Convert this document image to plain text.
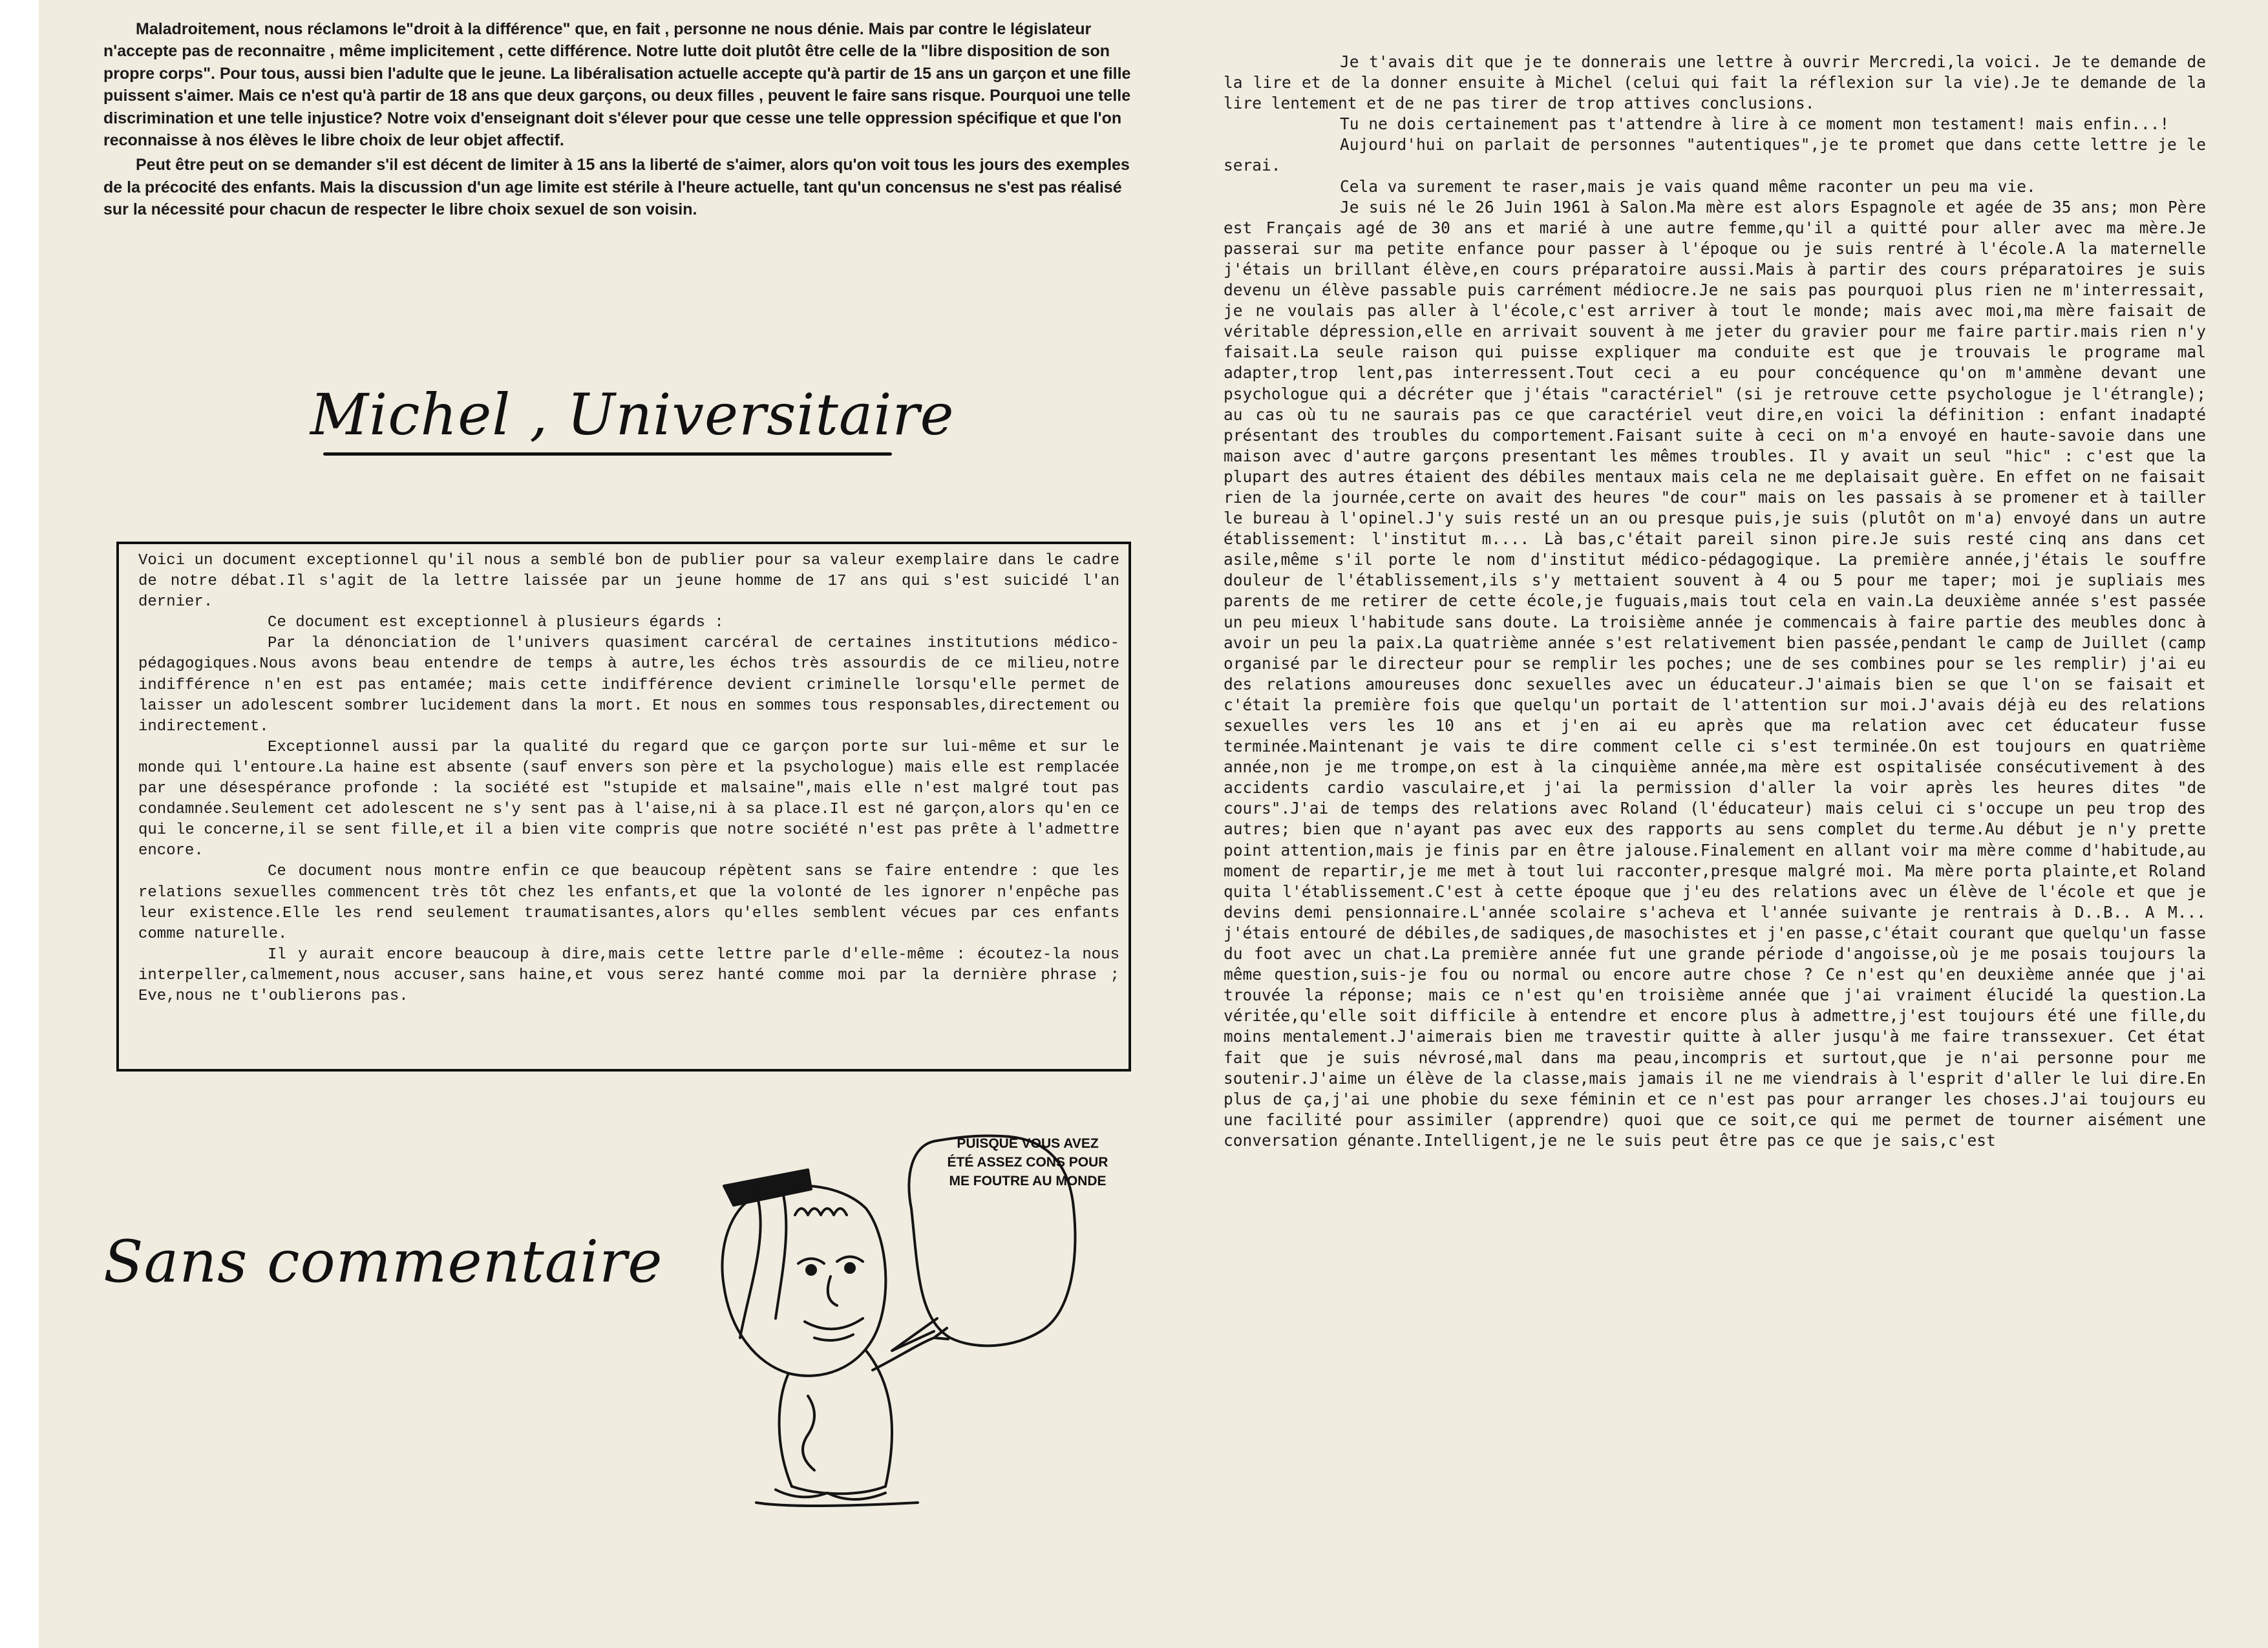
Maladroitement, nous réclamons le"droit à la différence" que, en fait , personne ne nous dénie. Mais par contre le législateur n'accepte pas de reconnaitre , même implicitement , cette différence. Notre lutte doit plutôt être celle de la "libre disposition de son propre corps". Pour tous, aussi bien l'adulte que le jeune. La libéralisation actuelle accepte qu'à partir de 15 ans un garçon et une fille puissent s'aimer. Mais ce n'est qu'à partir de 18 ans que deux garçons, ou deux filles , peuvent le faire sans risque. Pourquoi une telle discrimination et une telle injustice? Notre voix d'enseignant doit s'élever pour que cesse une telle oppression spécifique et que l'on reconnaisse à nos élèves le libre choix de leur objet affectif.

Peut être peut on se demander s'il est décent de limiter à 15 ans la liberté de s'aimer, alors qu'on voit tous les jours des exemples de la précocité des enfants. Mais la discussion d'un age limite est stérile à l'heure actuelle, tant qu'un concensus ne s'est pas réalisé sur la nécessité pour chacun de respecter le libre choix sexuel de son voisin.

Michel , Universitaire

Voici un document exceptionnel qu'il nous a semblé bon de publier pour sa valeur exemplaire dans le cadre de notre débat.Il s'agit de la lettre laissée par un jeune homme de 17 ans qui s'est suicidé l'an dernier.

Ce document est exceptionnel à plusieurs égards :

Par la dénonciation de l'univers quasiment carcéral de certaines institutions médico-pédagogiques.Nous avons beau entendre de temps à autre,les échos très assourdis de ce milieu,notre indifférence n'en est pas entamée; mais cette indifférence devient criminelle lorsqu'elle permet de laisser un adolescent sombrer lucidement dans la mort. Et nous en sommes tous responsables,directement ou indirectement.

Exceptionnel aussi par la qualité du regard que ce garçon porte sur lui-même et sur le monde qui l'entoure.La haine est absente (sauf envers son père et la psychologue) mais elle est remplacée par une désespérance profonde : la société est "stupide et malsaine",mais elle n'est malgré tout pas condamnée.Seulement cet adolescent ne s'y sent pas à l'aise,ni à sa place.Il est né garçon,alors qu'en ce qui le concerne,il se sent fille,et il a bien vite compris que notre société n'est pas prête à l'admettre encore.

Ce document nous montre enfin ce que beaucoup répètent sans se faire entendre : que les relations sexuelles commencent très tôt chez les enfants,et que la volonté de les ignorer n'enpêche pas leur existence.Elle les rend seulement traumatisantes,alors qu'elles semblent vécues par ces enfants comme naturelle.

Il y aurait encore beaucoup à dire,mais cette lettre parle d'elle-même : écoutez-la nous interpeller,calmement,nous accuser,sans haine,et vous serez hanté comme moi par la dernière phrase ; Eve,nous ne t'oublierons pas.

PUISQUE VOUS AVEZ ÉTÉ ASSEZ CONS POUR ME FOUTRE AU MONDE
Sans commentaire

Je t'avais dit que je te donnerais une lettre à ouvrir Mercredi,la voici. Je te demande de la lire et de la donner ensuite à Michel (celui qui fait la réflexion sur la vie).Je te demande de la lire lentement et de ne pas tirer de trop attives conclusions.

Tu ne dois certainement pas t'attendre à lire à ce moment mon testament! mais enfin...!

Aujourd'hui on parlait de personnes "autentiques",je te promet que dans cette lettre je le serai.

Cela va surement te raser,mais je vais quand même raconter un peu ma vie.

Je suis né le 26 Juin 1961 à Salon.Ma mère est alors Espagnole et agée de 35 ans; mon Père est Français agé de 30 ans et marié à une autre femme,qu'il a quitté pour aller avec ma mère.Je passerai sur ma petite enfance pour passer à l'époque ou je suis rentré à l'école.A la maternelle j'étais un brillant élève,en cours préparatoire aussi.Mais à partir des cours préparatoires je suis devenu un élève passable puis carrément médiocre.Je ne sais pas pourquoi plus rien ne m'interressait, je ne voulais pas aller à l'école,c'est arriver à tout le monde; mais avec moi,ma mère faisait de véritable dépression,elle en arrivait souvent à me jeter du gravier pour me faire partir.mais rien n'y faisait.La seule raison qui puisse expliquer ma conduite est que je trouvais le programe mal adapter,trop lent,pas interressent.Tout ceci a eu pour concéquence qu'on m'ammène devant une psychologue qui a décréter que j'étais "caractériel" (si je retrouve cette psychologue je l'étrangle); au cas où tu ne saurais pas ce que caractériel veut dire,en voici la définition : enfant inadapté présentant des troubles du comportement.Faisant suite à ceci on m'a envoyé en haute-savoie dans une maison avec d'autre garçons presentant les mêmes troubles. Il y avait un seul "hic" : c'est que la plupart des autres étaient des débiles mentaux mais cela ne me deplaisait guère. En effet on ne faisait rien de la journée,certe on avait des heures "de cour" mais on les passais à se promener et à tailler le bureau à l'opinel.J'y suis resté un an ou presque puis,je suis (plutôt on m'a) envoyé dans un autre établissement: l'institut m.... Là bas,c'était pareil sinon pire.Je suis resté cinq ans dans cet asile,même s'il porte le nom d'institut médico-pédagogique. La première année,j'étais le souffre douleur de l'établissement,ils s'y mettaient souvent à 4 ou 5 pour me taper; moi je supliais mes parents de me retirer de cette école,je fuguais,mais tout cela en vain.La deuxième année s'est passée un peu mieux l'habitude sans doute. La troisième année je commencais à faire partie des meubles donc à avoir un peu la paix.La quatrième année s'est relativement bien passée,pendant le camp de Juillet (camp organisé par le directeur pour se remplir les poches; une de ses combines pour se les remplir) j'ai eu des relations amoureuses donc sexuelles avec un éducateur.J'aimais bien se que l'on se faisait et c'était la première fois que quelqu'un portait de l'attention sur moi.J'avais déjà eu des relations sexuelles vers les 10 ans et j'en ai eu après que ma relation avec cet éducateur fusse terminée.Maintenant je vais te dire comment celle ci s'est terminée.On est toujours en quatrième année,non je me trompe,on est à la cinquième année,ma mère est ospitalisée consécutivement à des accidents cardio vasculaire,et j'ai la permission d'aller la voir après les heures dites "de cours".J'ai de temps des relations avec Roland (l'éducateur) mais celui ci s'occupe un peu trop des autres; bien que n'ayant pas avec eux des rapports au sens complet du terme.Au début je n'y prette point attention,mais je finis par en être jalouse.Finalement en allant voir ma mère comme d'habitude,au moment de repartir,je me met à tout lui racconter,presque malgré moi. Ma mère porta plainte,et Roland quita l'établissement.C'est à cette époque que j'eu des relations avec un élève de l'école et que je devins demi pensionnaire.L'année scolaire s'acheva et l'année suivante je rentrais à D..B.. A M... j'étais entouré de débiles,de sadiques,de masochistes et j'en passe,c'était courant que quelqu'un fasse du foot avec un chat.La première année fut une grande période d'angoisse,où je me posais toujours la même question,suis-je fou ou normal ou encore autre chose ? Ce n'est qu'en deuxième année que j'ai trouvée la réponse; mais ce n'est qu'en troisième année que j'ai vraiment élucidé la question.La véritée,qu'elle soit difficile à entendre et encore plus à admettre,j'est toujours été une fille,du moins mentalement.J'aimerais bien me travestir quitte à aller jusqu'à me faire transsexuer. Cet état fait que je suis névrosé,mal dans ma peau,incompris et surtout,que je n'ai personne pour me soutenir.J'aime un élève de la classe,mais jamais il ne me viendrais à l'esprit d'aller le lui dire.En plus de ça,j'ai une phobie du sexe féminin et ce n'est pas pour arranger les choses.J'ai toujours eu une facilité pour assimiler (apprendre) quoi que ce soit,ce qui me permet de tourner aisément une conversation génante.Intelligent,je ne le suis peut être pas ce que je sais,c'est
